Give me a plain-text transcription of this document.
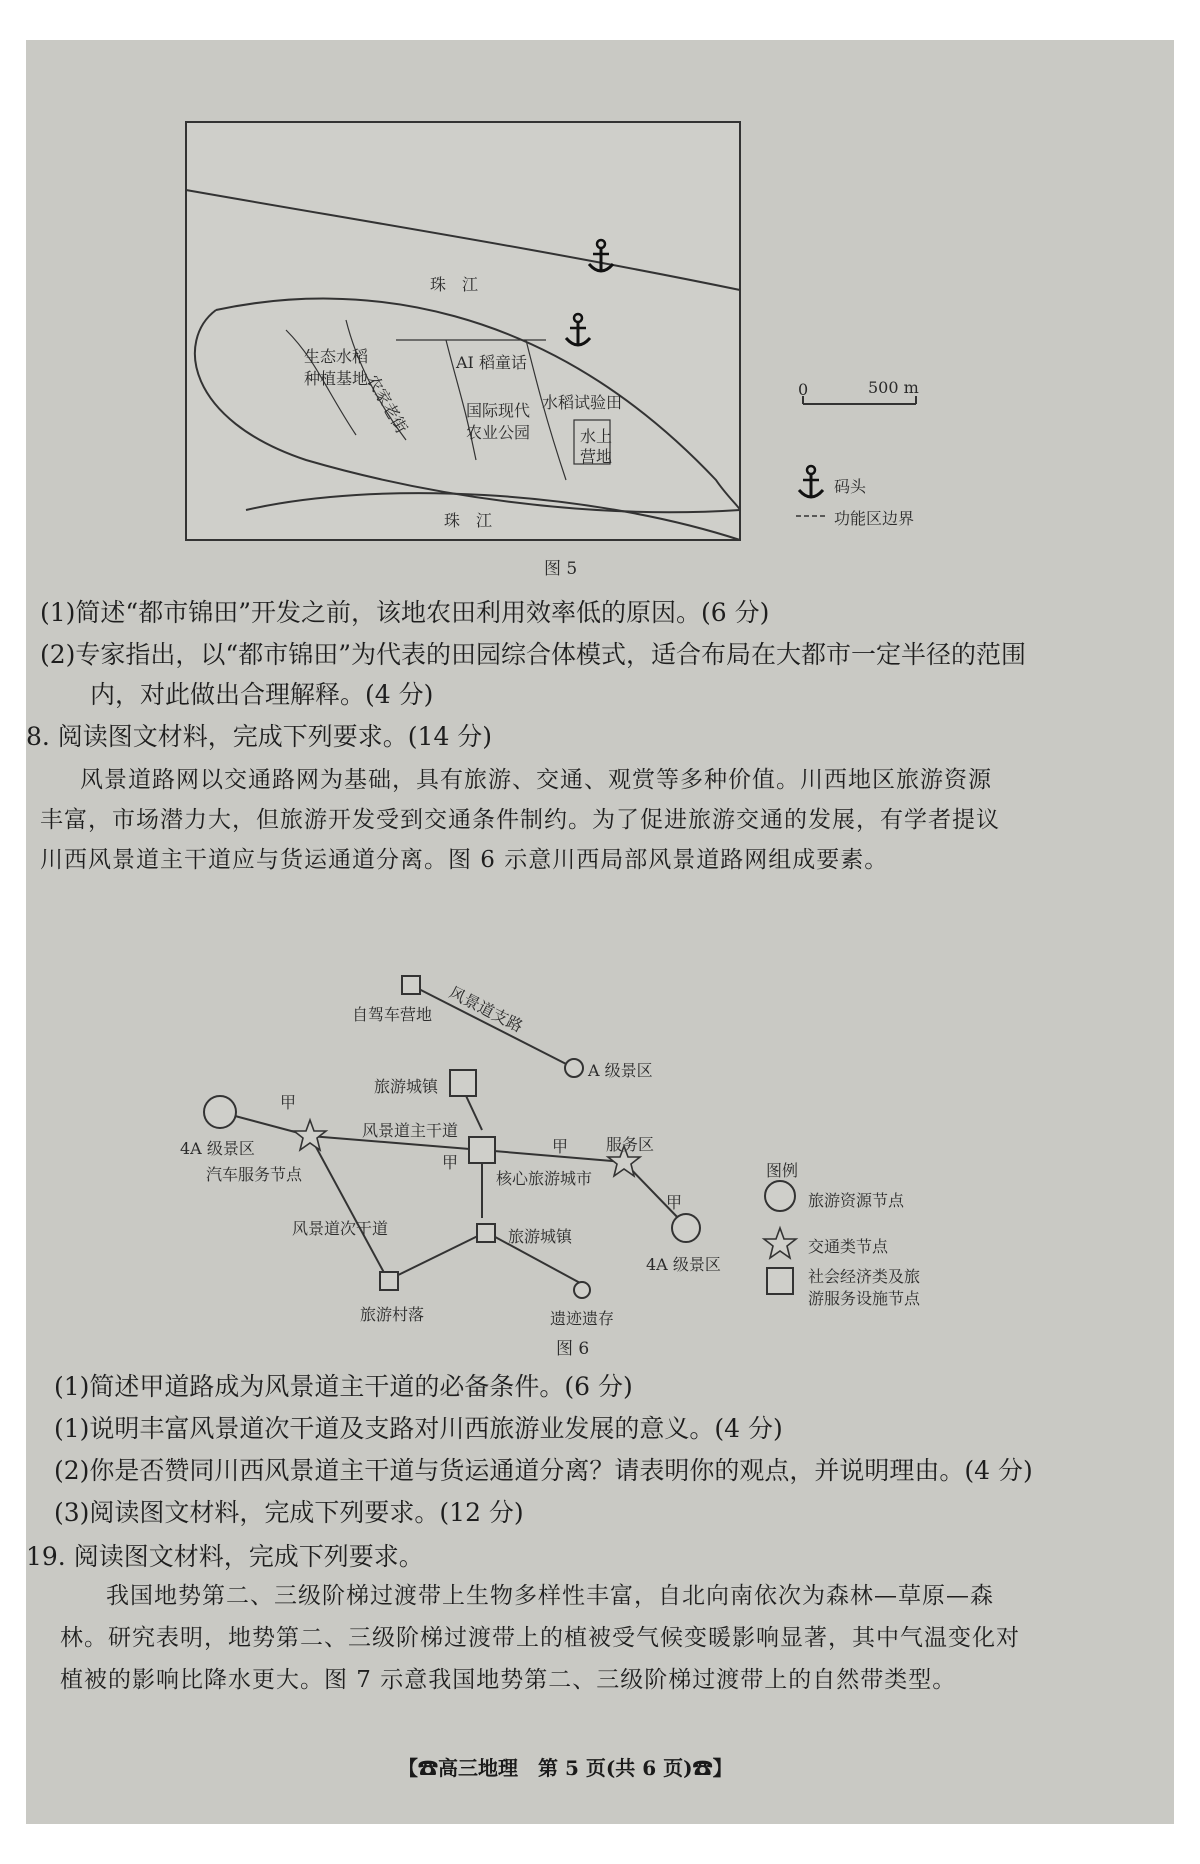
珠　江
珠　江
生态水稻
种植基地
AI 稻童话
水稻试验田
国际现代
农业公园	水上
营地
农家老街	0	500 m
码头
功能区边界
图 5
(1)简述“都市锦田”开发之前，该地农田利用效率低的原因。(6 分)
(2)专家指出，以“都市锦田”为代表的田园综合体模式，适合布局在大都市一定半径的范围
内，对此做出合理解释。(4 分)
8. 阅读图文材料，完成下列要求。(14 分)
风景道路网以交通路网为基础，具有旅游、交通、观赏等多种价值。川西地区旅游资源
丰富，市场潜力大，但旅游开发受到交通条件制约。为了促进旅游交通的发展，有学者提议
川西风景道主干道应与货运通道分离。图 6 示意川西局部风景道路网组成要素。
自驾车营地 风景道支路
A 级景区
旅游城镇
甲
风景道主干道
甲
甲 服务区
甲
4A 级景区
汽车服务节点	核心旅游城市
风景道次干道	旅游城镇
4A 级景区
旅游村落	遗迹遗存
图例
旅游资源节点
交通类节点
社会经济类及旅
游服务设施节点
图 6
(1)简述甲道路成为风景道主干道的必备条件。(6 分)
(1)说明丰富风景道次干道及支路对川西旅游业发展的意义。(4 分)
(2)你是否赞同川西风景道主干道与货运通道分离？请表明你的观点，并说明理由。(4 分)
(3)阅读图文材料，完成下列要求。(12 分)
19. 阅读图文材料，完成下列要求。
我国地势第二、三级阶梯过渡带上生物多样性丰富，自北向南依次为森林—草原—森
林。研究表明，地势第二、三级阶梯过渡带上的植被受气候变暖影响显著，其中气温变化对
植被的影响比降水更大。图 7 示意我国地势第二、三级阶梯过渡带上的自然带类型。
【☎高三地理　第 5 页(共 6 页)☎】
